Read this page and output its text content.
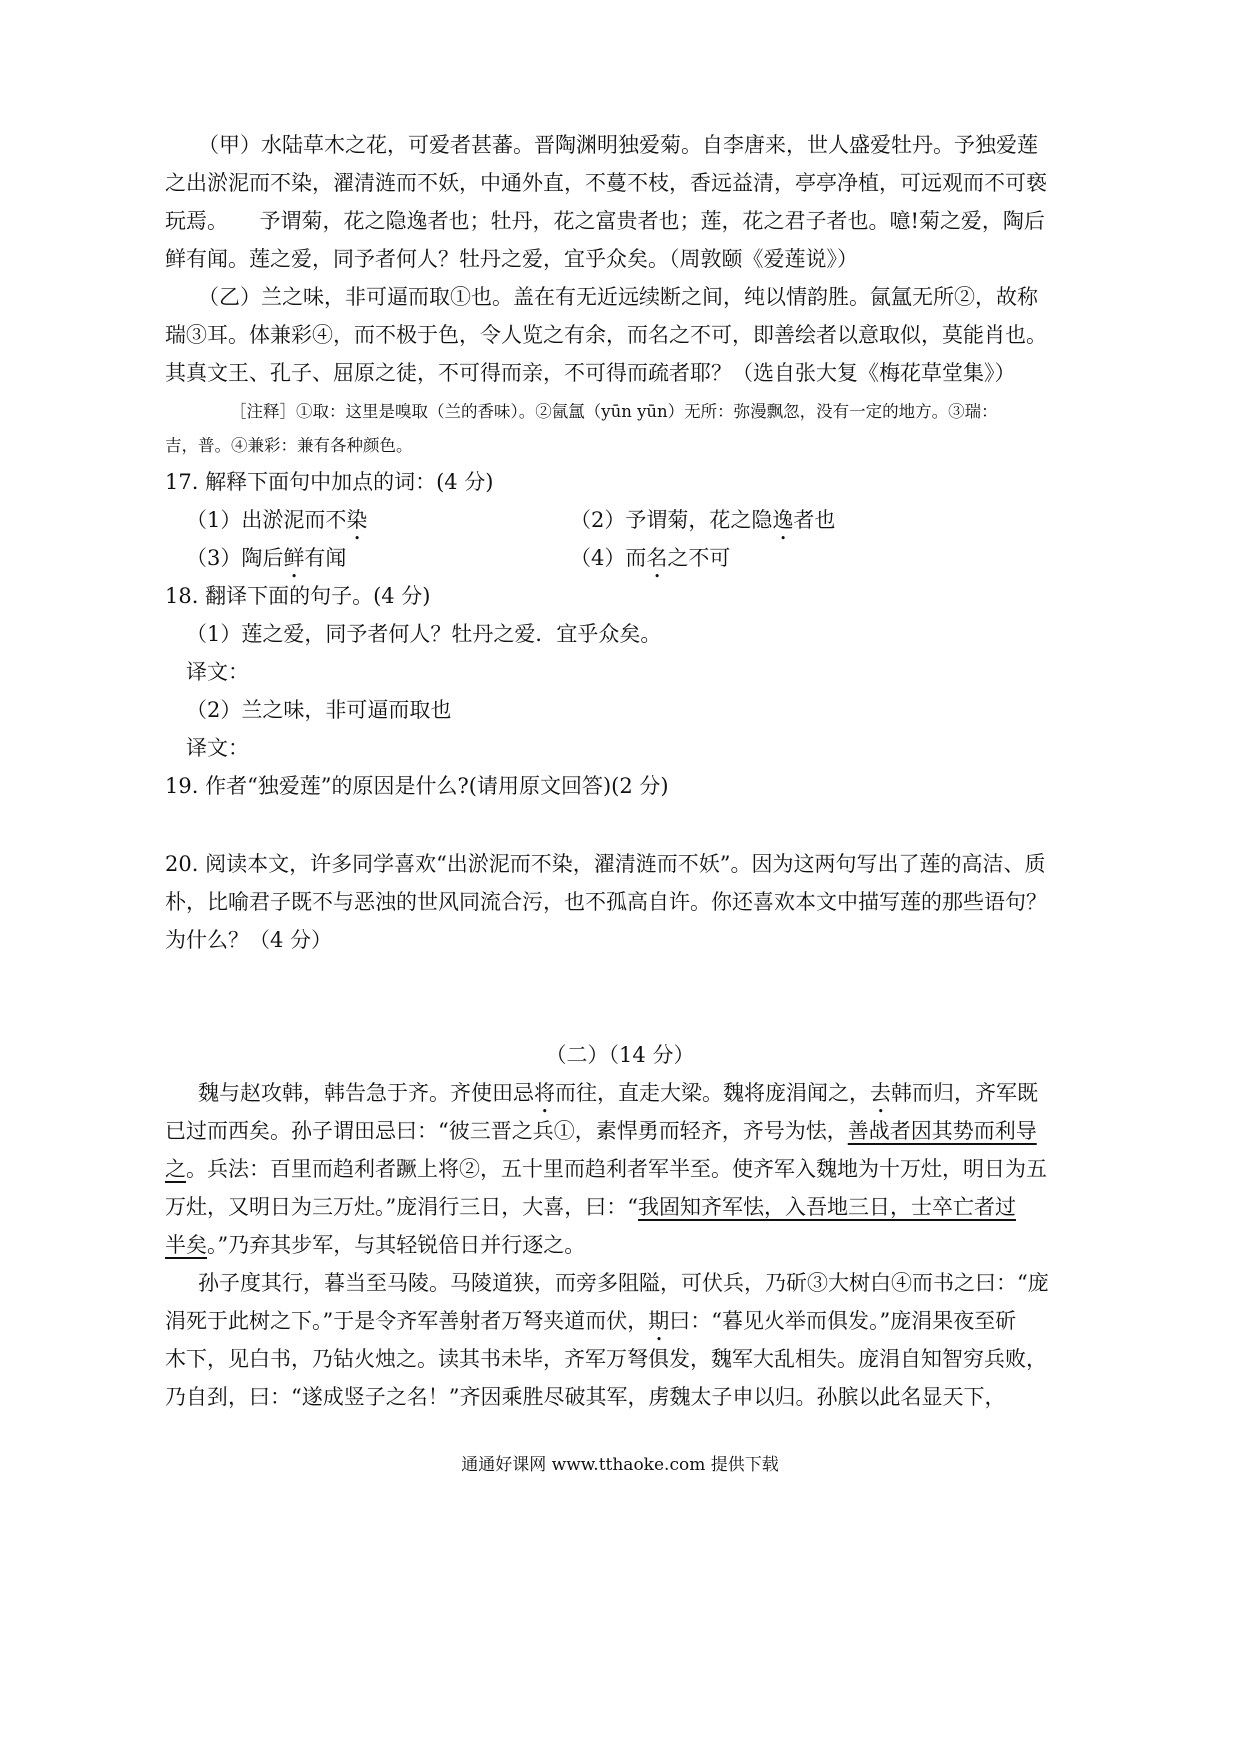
（甲）水陆草木之花，可爱者甚蕃。晋陶渊明独爱菊。自李唐来，世人盛爱牡丹。予独爱莲
之出淤泥而不染，濯清涟而不妖，中通外直，不蔓不枝，香远益清，亭亭净植，可远观而不可亵
玩焉。　　予谓菊，花之隐逸者也；牡丹，花之富贵者也；莲，花之君子者也。噫!菊之爱，陶后
鲜有闻。莲之爱，同予者何人？牡丹之爱，宜乎众矣。（周敦颐《爱莲说》）
（乙）兰之味，非可逼而取①也。盖在有无近远续断之间，纯以情韵胜。氤氲无所②，故称
瑞③耳。体兼彩④，而不极于色，令人览之有余，而名之不可，即善绘者以意取似，莫能肖也。
其真文王、孔子、屈原之徒，不可得而亲，不可得而疏者耶？（选自张大复《梅花草堂集》）
［注释］①取：这里是嗅取（兰的香味）。②氤氲（yūn yūn）无所：弥漫飘忽，没有一定的地方。③瑞：
吉，普。④兼彩：兼有各种颜色。
17. 解释下面句中加点的词：(4 分)
（1）出淤泥而不染	（2）予谓菊，花之隐逸者也
（3）陶后鲜有闻	（4）而名之不可
18. 翻译下面的句子。(4 分)
（1）莲之爱，同予者何人？牡丹之爱．宜乎众矣。
译文：
（2）兰之味，非可逼而取也
译文：
19. 作者“独爱莲”的原因是什么?(请用原文回答)(2 分)
20. 阅读本文，许多同学喜欢“出淤泥而不染，濯清涟而不妖”。因为这两句写出了莲的高洁、质
朴，比喻君子既不与恶浊的世风同流合污，也不孤高自许。你还喜欢本文中描写莲的那些语句？
为什么？（4 分）
（二）（14 分）
魏与赵攻韩，韩告急于齐。齐使田忌将而往，直走大梁。魏将庞涓闻之，去韩而归，齐军既
已过而西矣。孙子谓田忌曰：“彼三晋之兵①，素悍勇而轻齐，齐号为怯，善战者因其势而利导
之。兵法：百里而趋利者蹶上将②，五十里而趋利者军半至。使齐军入魏地为十万灶，明日为五
万灶，又明日为三万灶。”庞涓行三日，大喜，曰：“我固知齐军怯，入吾地三日，士卒亡者过
半矣。”乃弃其步军，与其轻锐倍日并行逐之。
孙子度其行，暮当至马陵。马陵道狭，而旁多阻隘，可伏兵，乃斫③大树白④而书之曰：“庞
涓死于此树之下。”于是令齐军善射者万弩夹道而伏，期曰：“暮见火举而俱发。”庞涓果夜至斫
木下，见白书，乃钻火烛之。读其书未毕，齐军万弩俱发，魏军大乱相失。庞涓自知智穷兵败，
乃自刭，曰：“遂成竖子之名！”齐因乘胜尽破其军，虏魏太子申以归。孙膑以此名显天下，
通通好课网 www.tthaoke.com 提供下载
